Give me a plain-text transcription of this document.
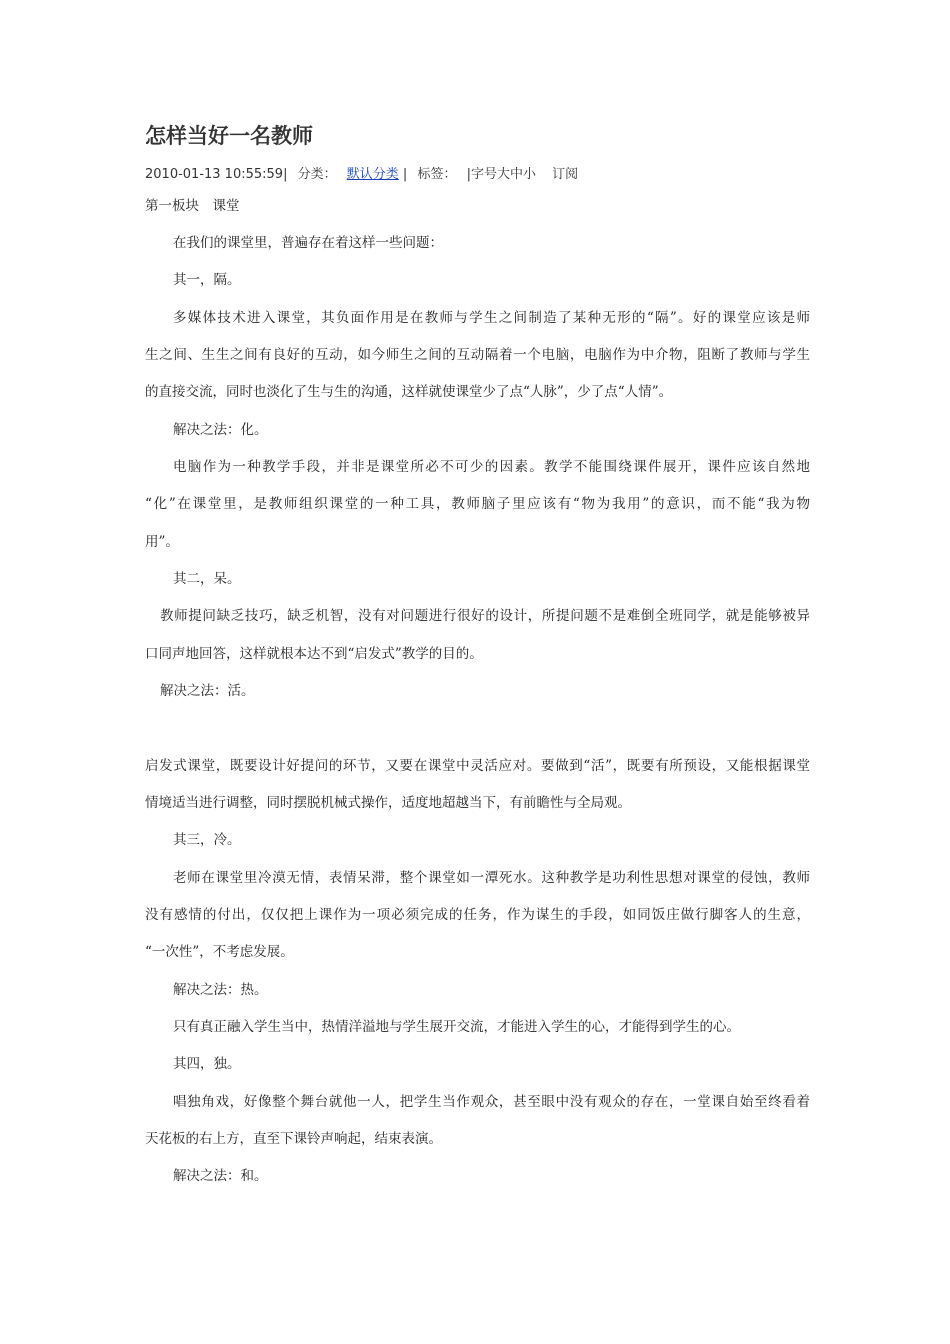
怎样当好一名教师
2010-01-13 10:55:59| 分类： 默认分类 | 标签： |字号大中小 订阅
第一板块　课堂
在我们的课堂里，普遍存在着这样一些问题：
其一，隔。
多媒体技术进入课堂，其负面作用是在教师与学生之间制造了某种无形的“隔”。好的课堂应该是师
生之间、生生之间有良好的互动，如今师生之间的互动隔着一个电脑，电脑作为中介物，阻断了教师与学生
的直接交流，同时也淡化了生与生的沟通，这样就使课堂少了点“人脉”，少了点“人情”。
解决之法：化。
电脑作为一种教学手段，并非是课堂所必不可少的因素。教学不能围绕课件展开，课件应该自然地
“化”在课堂里，是教师组织课堂的一种工具，教师脑子里应该有“物为我用”的意识，而不能“我为物
用”。
其二，呆。
教师提问缺乏技巧，缺乏机智，没有对问题进行很好的设计，所提问题不是难倒全班同学，就是能够被异
口同声地回答，这样就根本达不到“启发式”教学的目的。
解决之法：活。
启发式课堂，既要设计好提问的环节，又要在课堂中灵活应对。要做到“活”，既要有所预设，又能根据课堂
情境适当进行调整，同时摆脱机械式操作，适度地超越当下，有前瞻性与全局观。
其三，冷。
老师在课堂里冷漠无情，表情呆滞，整个课堂如一潭死水。这种教学是功利性思想对课堂的侵蚀，教师
没有感情的付出，仅仅把上课作为一项必须完成的任务，作为谋生的手段，如同饭庄做行脚客人的生意，
“一次性”，不考虑发展。
解决之法：热。
只有真正融入学生当中，热情洋溢地与学生展开交流，才能进入学生的心，才能得到学生的心。
其四，独。
唱独角戏，好像整个舞台就他一人，把学生当作观众，甚至眼中没有观众的存在，一堂课自始至终看着
天花板的右上方，直至下课铃声响起，结束表演。
解决之法：和。
